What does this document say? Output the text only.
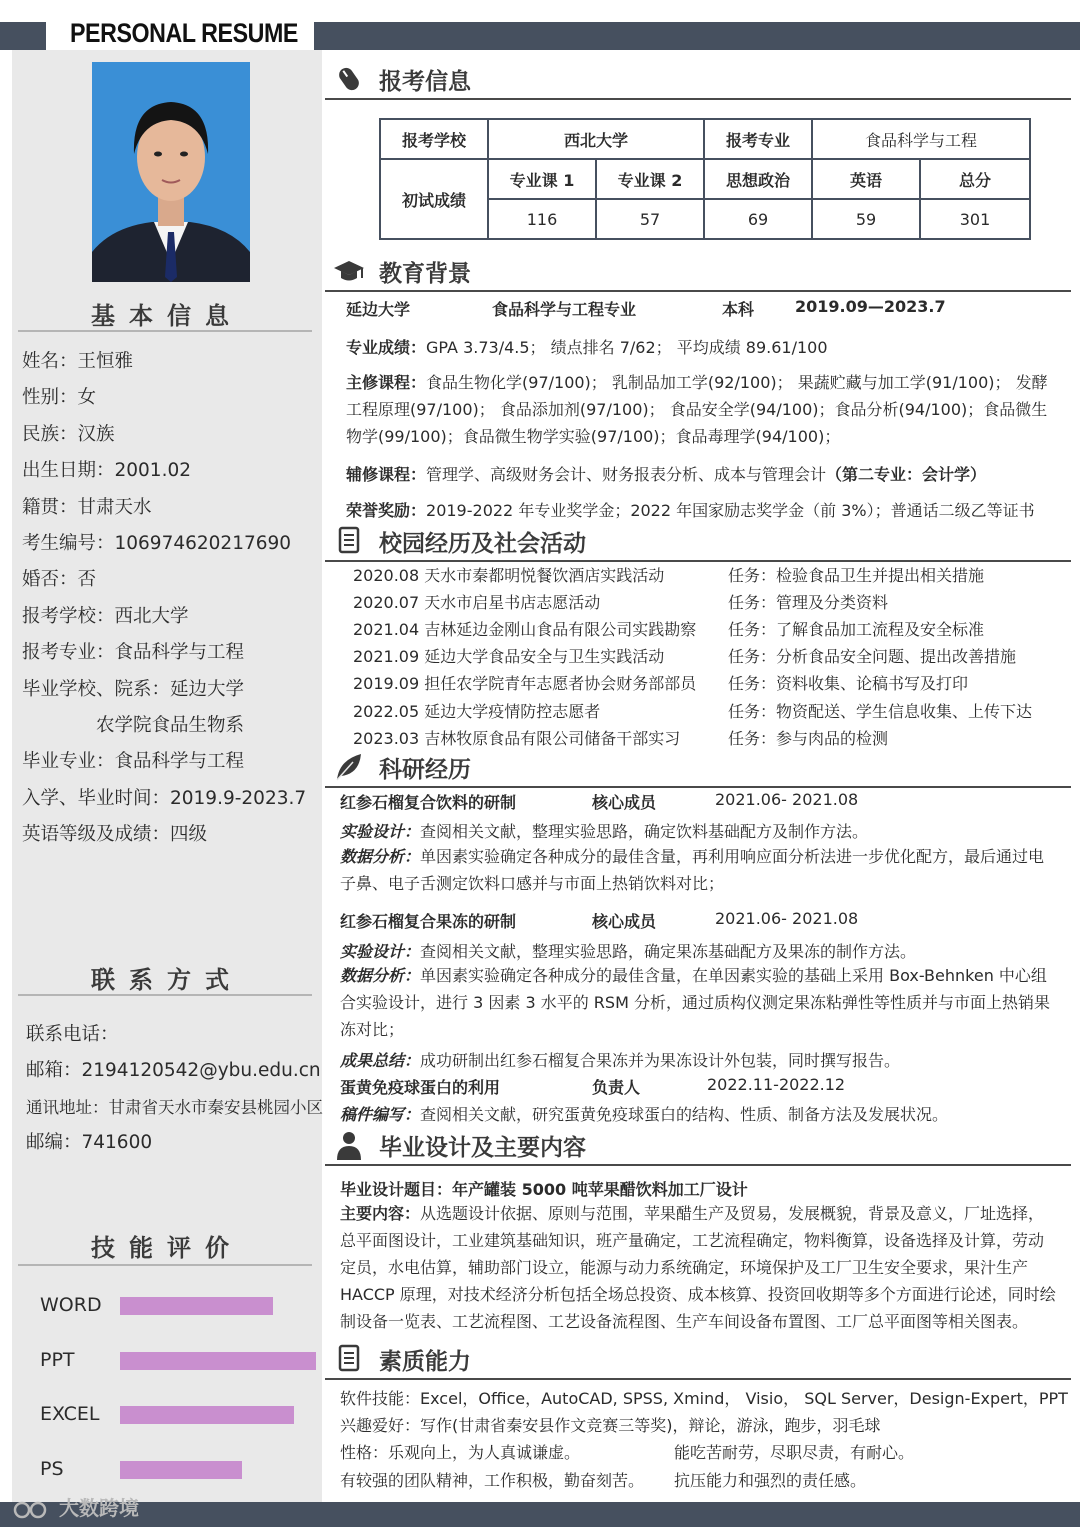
PERSONAL RESUME
基本信息
姓名：王恒雅
性别：女
民族：汉族
出生日期：2001.02
籍贯：甘肃天水
考生编号：106974620217690
婚否：否
报考学校：西北大学
报考专业：食品科学与工程
毕业学校、院系：延边大学
农学院食品生物系
毕业专业：食品科学与工程
入学、毕业时间：2019.9-2023.7
英语等级及成绩：四级
联系方式
联系电话：
邮箱：2194120542@ybu.edu.cn
通讯地址：甘肃省天水市秦安县桃园小区
邮编：741600
技能评价
WORD
PPT
EXCEL
PS
报考信息
报考学校	西北大学		报考专业	食品科学与工程	
初试成绩	专业课 1	专业课 2	思想政治	英语	总分
	116	57	69	59	301
教育背景
延边大学	食品科学与工程专业	本科	2019.09—2023.7
专业成绩：GPA 3.73/4.5； 绩点排名 7/62； 平均成绩 89.61/100
主修课程：食品生物化学(97/100)； 乳制品加工学(92/100)； 果蔬贮藏与加工学(91/100)； 发酵工程原理(97/100)； 食品添加剂(97/100)； 食品安全学(94/100)；食品分析(94/100)；食品微生物学(99/100)；食品微生物学实验(97/100)；食品毒理学(94/100)；
辅修课程：管理学、高级财务会计、财务报表分析、成本与管理会计（第二专业：会计学）
荣誉奖励：2019-2022 年专业奖学金；2022 年国家励志奖学金（前 3%）；普通话二级乙等证书
校园经历及社会活动
2020.08 天水市秦都明悦餐饮酒店实践活动	任务：检验食品卫生并提出相关措施
2020.07 天水市启星书店志愿活动	任务：管理及分类资料
2021.04 吉林延边金刚山食品有限公司实践勘察 任务：了解食品加工流程及安全标准
2021.09 延边大学食品安全与卫生实践活动	任务：分析食品安全问题、提出改善措施
2019.09 担任农学院青年志愿者协会财务部部员 任务：资料收集、论稿书写及打印
2022.05 延边大学疫情防控志愿者	任务：物资配送、学生信息收集、上传下达
2023.03 吉林牧原食品有限公司储备干部实习	任务：参与肉品的检测
科研经历
红参石榴复合饮料的研制	核心成员	2021.06- 2021.08
实验设计：查阅相关文献，整理实验思路，确定饮料基础配方及制作方法。
数据分析：单因素实验确定各种成分的最佳含量，再利用响应面分析法进一步优化配方，最后通过电子鼻、电子舌测定饮料口感并与市面上热销饮料对比；
红参石榴复合果冻的研制	核心成员	2021.06- 2021.08
实验设计：查阅相关文献，整理实验思路，确定果冻基础配方及果冻的制作方法。
数据分析：单因素实验确定各种成分的最佳含量，在单因素实验的基础上采用 Box-Behnken 中心组合实验设计，进行 3 因素 3 水平的 RSM 分析，通过质构仪测定果冻粘弹性等性质并与市面上热销果冻对比；
成果总结：成功研制出红参石榴复合果冻并为果冻设计外包装，同时撰写报告。
蛋黄免疫球蛋白的利用	负责人	2022.11-2022.12
稿件编写：查阅相关文献，研究蛋黄免疫球蛋白的结构、性质、制备方法及发展状况。
毕业设计及主要内容
毕业设计题目：年产罐装 5000 吨苹果醋饮料加工厂设计
主要内容：从选题设计依据、原则与范围，苹果醋生产及贸易，发展概貌，背景及意义，厂址选择，总平面图设计，工业建筑基础知识，班产量确定，工艺流程确定，物料衡算，设备选择及计算，劳动定员，水电估算，辅助部门设立，能源与动力系统确定，环境保护及工厂卫生安全要求，果汁生产 HACCP 原理，对技术经济分析包括全场总投资、成本核算、投资回收期等多个方面进行论述，同时绘制设备一览表、工艺流程图、工艺设备流程图、生产车间设备布置图、工厂总平面图等相关图表。
素质能力
软件技能：Excel，Office，AutoCAD, SPSS, Xmind， Visio， SQL Server，Design-Expert，PPT
兴趣爱好：写作(甘肃省秦安县作文竞赛三等奖)，辩论，游泳，跑步，羽毛球
性格：乐观向上，为人真诚谦虚。	能吃苦耐劳，尽职尽责，有耐心。
有较强的团队精神，工作积极，勤奋刻苦。 抗压能力和强烈的责任感。
大数跨境
